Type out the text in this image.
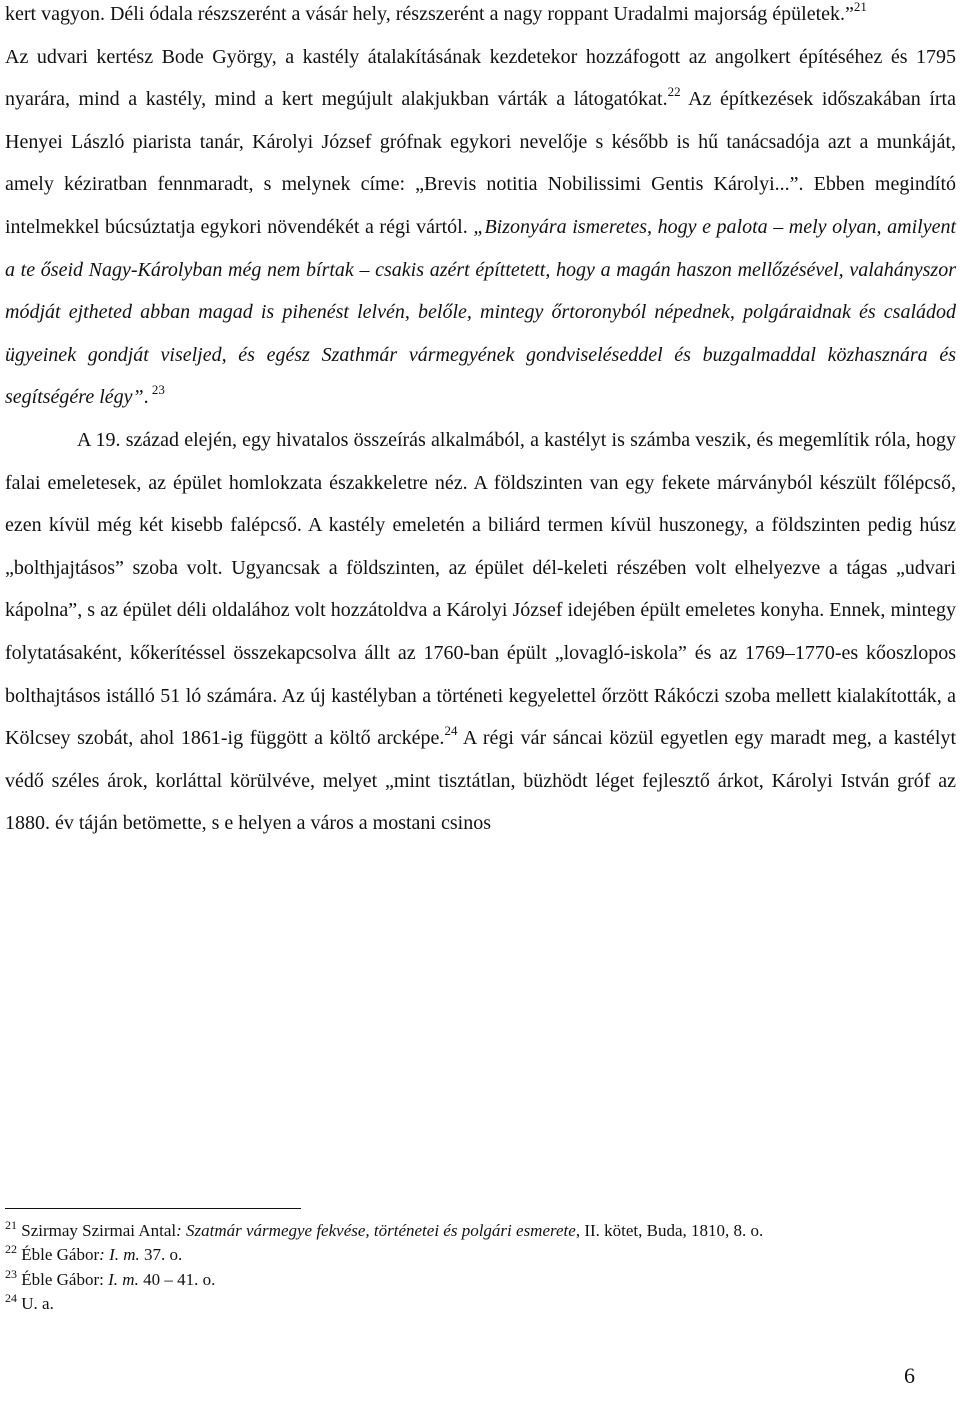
kert vagyon. Déli ódala részszerént a vásár hely, részszerént a nagy roppant Uradalmi majorság épületek.”$^{21}$
Az udvari kertész Bode György, a kastély átalakításának kezdetekor hozzáfogott az angolkert építéséhez és 1795 nyarára, mind a kastély, mind a kert megújult alakjukban várták a látogatókat.$^{22}$ Az építkezések időszakában írta Henyei László piarista tanár, Károlyi József grófnak egykori nevelője s később is hű tanácsadója azt a munkáját, amely kéziratban fennmaradt, s melynek címe: „Brevis notitia Nobilissimi Gentis Károlyi...”. Ebben megindító intelmekkel búcsúztatja egykori növendékét a régi vártól. „Bizonyára ismeretes, hogy e palota – mely olyan, amilyent a te őseid Nagy-Károlyban még nem bírtak – csakis azért építtetett, hogy a magán haszon mellőzésével, valahányszor módját ejtheted abban magad is pihenést lelvén, belőle, mintegy őrtoronyból népednek, polgáraidnak és családod ügyeinek gondját viseljed, és egész Szathmár vármegyének gondviseléseddel és buzgalmaddal közhasznára és segítségére légy”. $^{23}$

A 19. század elején, egy hivatalos összeírás alkalmából, a kastélyt is számba veszik, és megemlítik róla, hogy falai emeletesek, az épület homlokzata északkeletre néz. A földszinten van egy fekete márványból készült főlépcső, ezen kívül még két kisebb falépcső. A kastély emeletén a biliárd termen kívül huszonegy, a földszinten pedig húsz „bolthjajtásos” szoba volt. Ugyancsak a földszinten, az épület dél-keleti részében volt elhelyezve a tágas „udvari kápolna”, s az épület déli oldalához volt hozzátoldva a Károlyi József idejében épült emeletes konyha. Ennek, mintegy folytatásaként, kőkerítéssel összekapcsolva állt az 1760-ban épült „lovagló-iskola” és az 1769–1770-es kőoszlopos bolthajtásos istálló 51 ló számára. Az új kastélyban a történeti kegyelettel őrzött Rákóczi szoba mellett kialakították, a Kölcsey szobát, ahol 1861-ig függött a költő arcképe.$^{24}$ A régi vár sáncai közül egyetlen egy maradt meg, a kastélyt védő széles árok, korláttal körülvéve, melyet „mint tisztátlan, büzhödt léget fejlesztő árkot, Károlyi István gróf az 1880. év táján betömette, s e helyen a város a mostani csinos

$^{21}$ Szirmay Szirmai Antal: Szatmár vármegye fekvése, történetei és polgári esmerete, II. kötet, Buda, 1810, 8. o.

$^{22}$ Éble Gábor: I. m. 37. o.

$^{23}$ Éble Gábor: I. m. 40 – 41. o.

$^{24}$ U. a.

6
